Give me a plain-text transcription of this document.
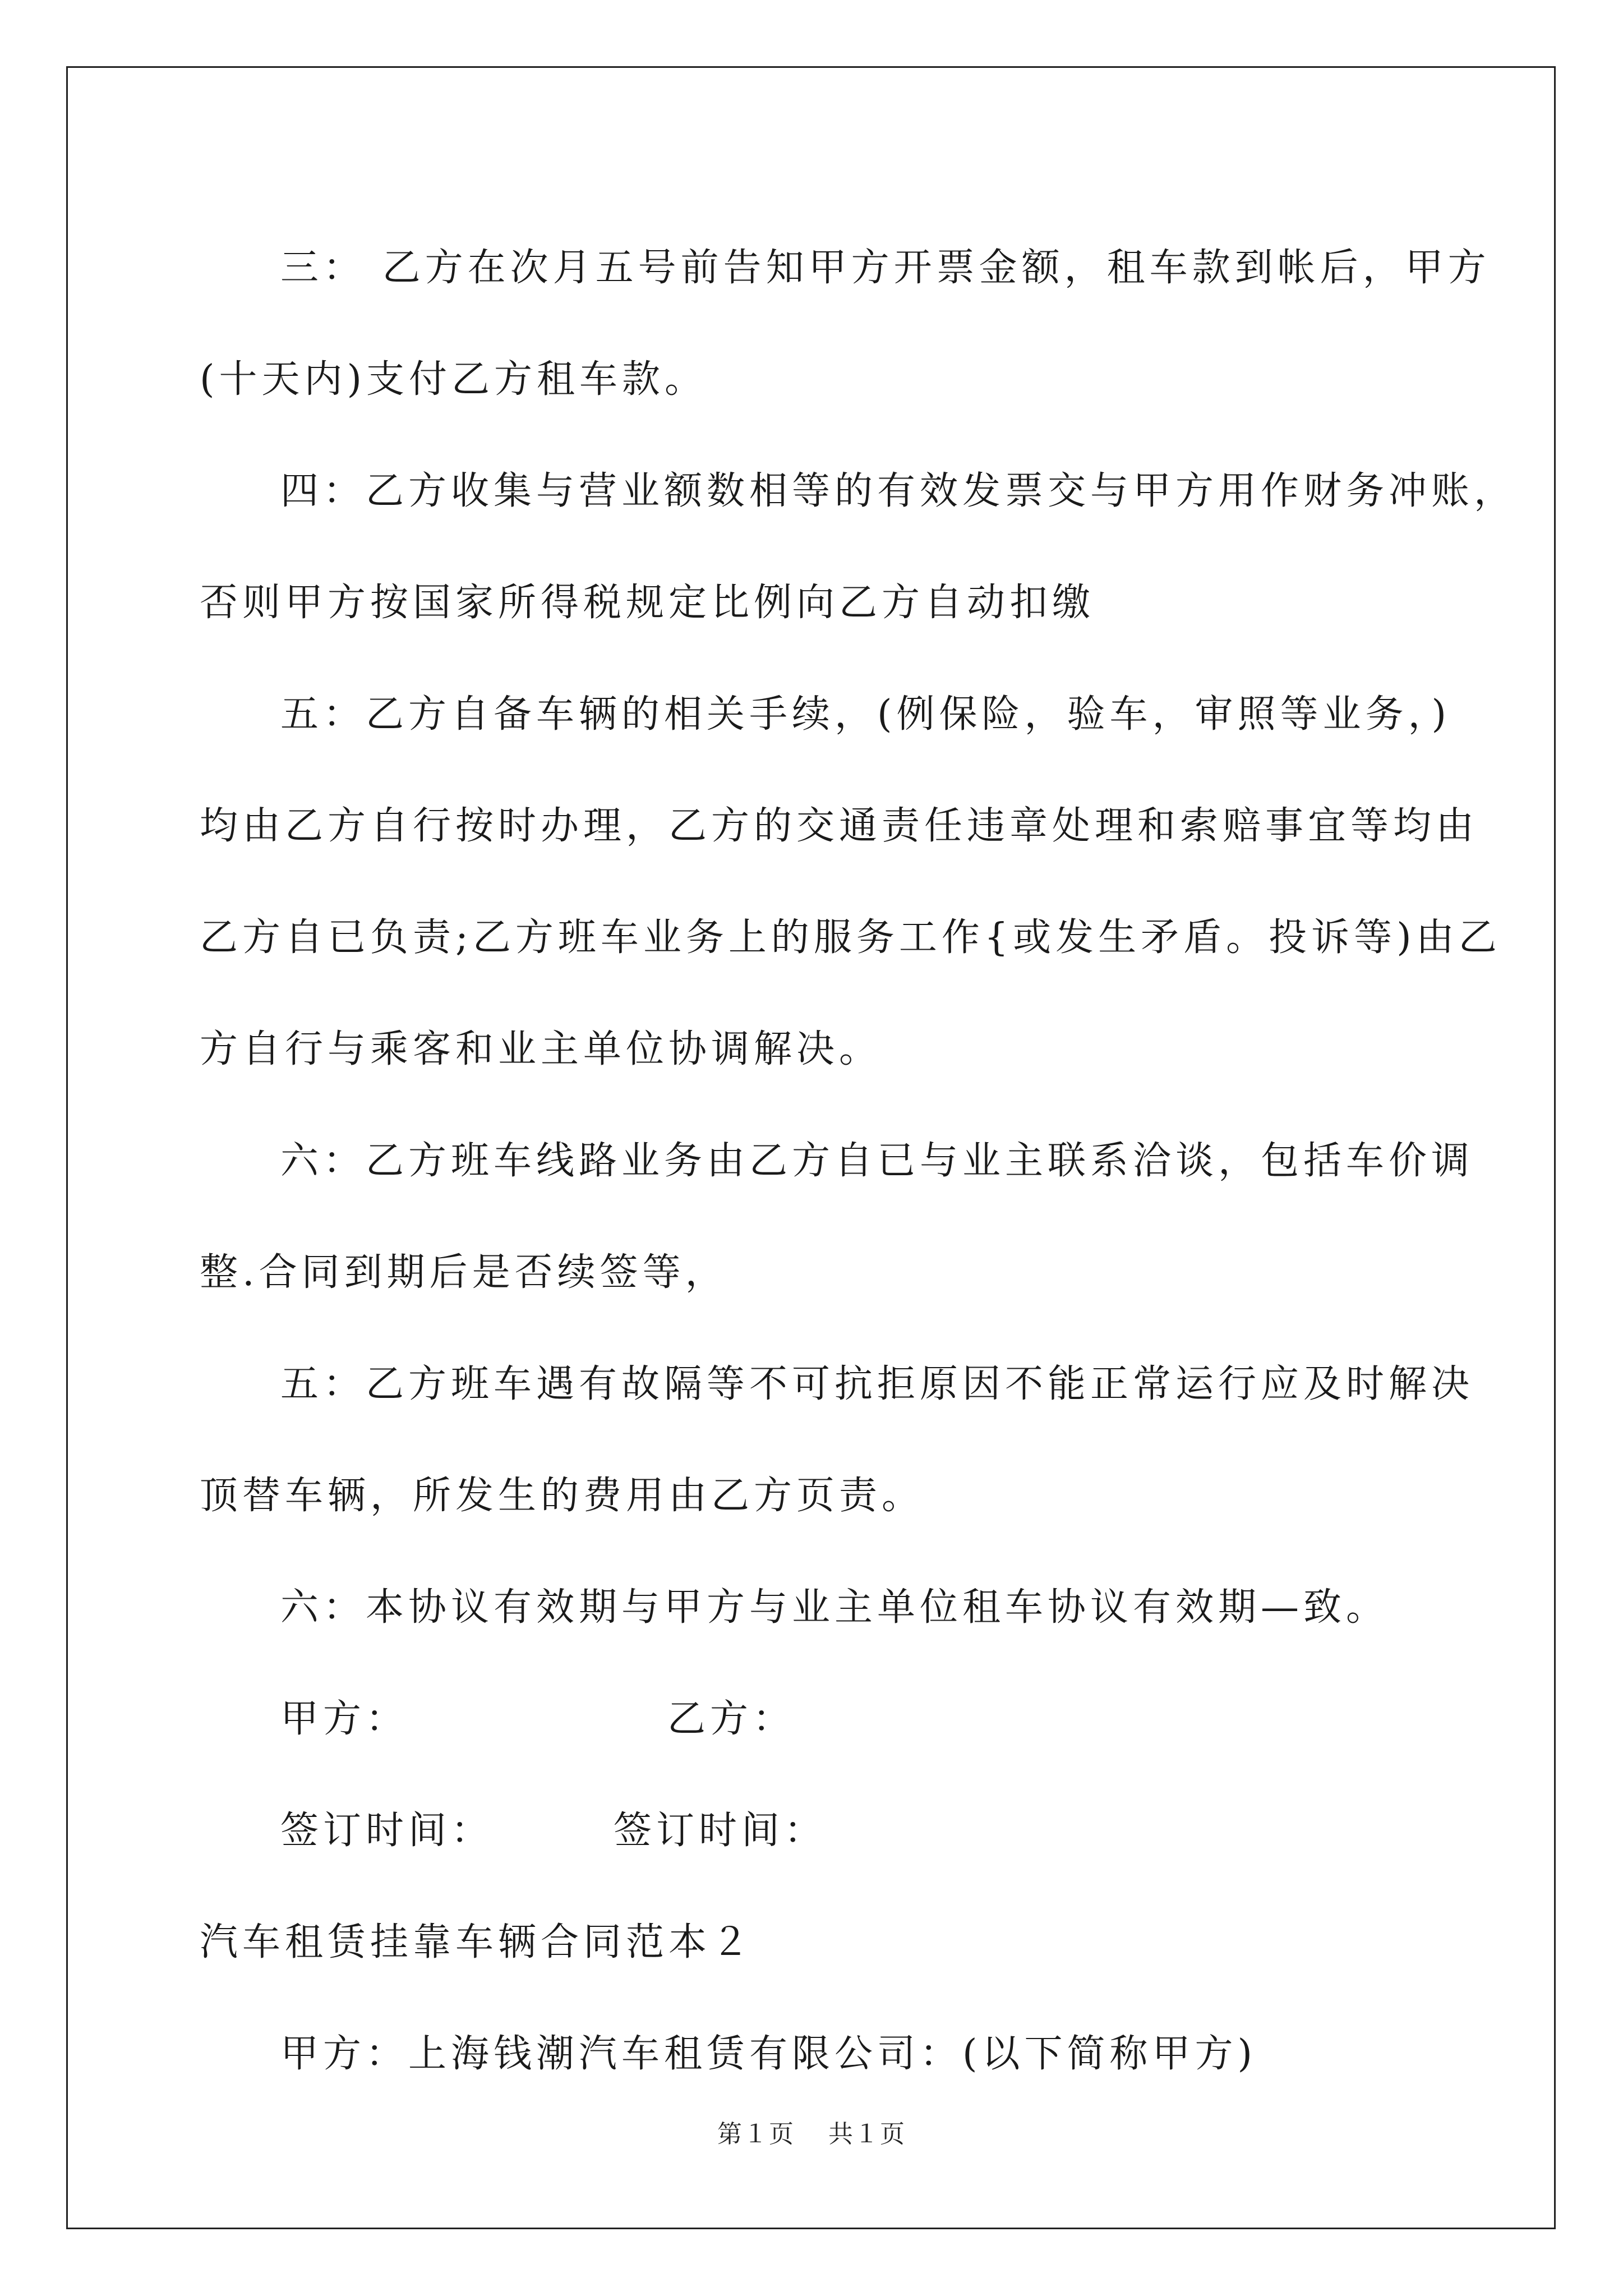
三： 乙方在次月五号前告知甲方开票金额，租车款到帐后，甲方
(十天内)支付乙方租车款。

四：乙方收集与营业额数相等的有效发票交与甲方用作财务冲账，
否则甲方按国家所得税规定比例向乙方自动扣缴

五：乙方自备车辆的相关手续，(例保险，验车，审照等业务，)
均由乙方自行按时办理，乙方的交通责任违章处理和索赔事宜等均由
乙方自已负责;乙方班车业务上的服务工作{或发生矛盾。投诉等)由乙
方自行与乘客和业主单位协调解决。

六：乙方班车线路业务由乙方自已与业主联系洽谈，包括车价调
整.合同到期后是否续签等，

五：乙方班车遇有故隔等不可抗拒原因不能正常运行应及时解决
顶替车辆，所发生的费用由乙方页责。

六：本协议有效期与甲方与业主单位租车协议有效期—致。

甲方：	乙方：
签订时间：	签订时间：

汽车租赁挂靠车辆合同范本２

甲方：上海钱潮汽车租赁有限公司：(以下简称甲方)

第１页 共１页
